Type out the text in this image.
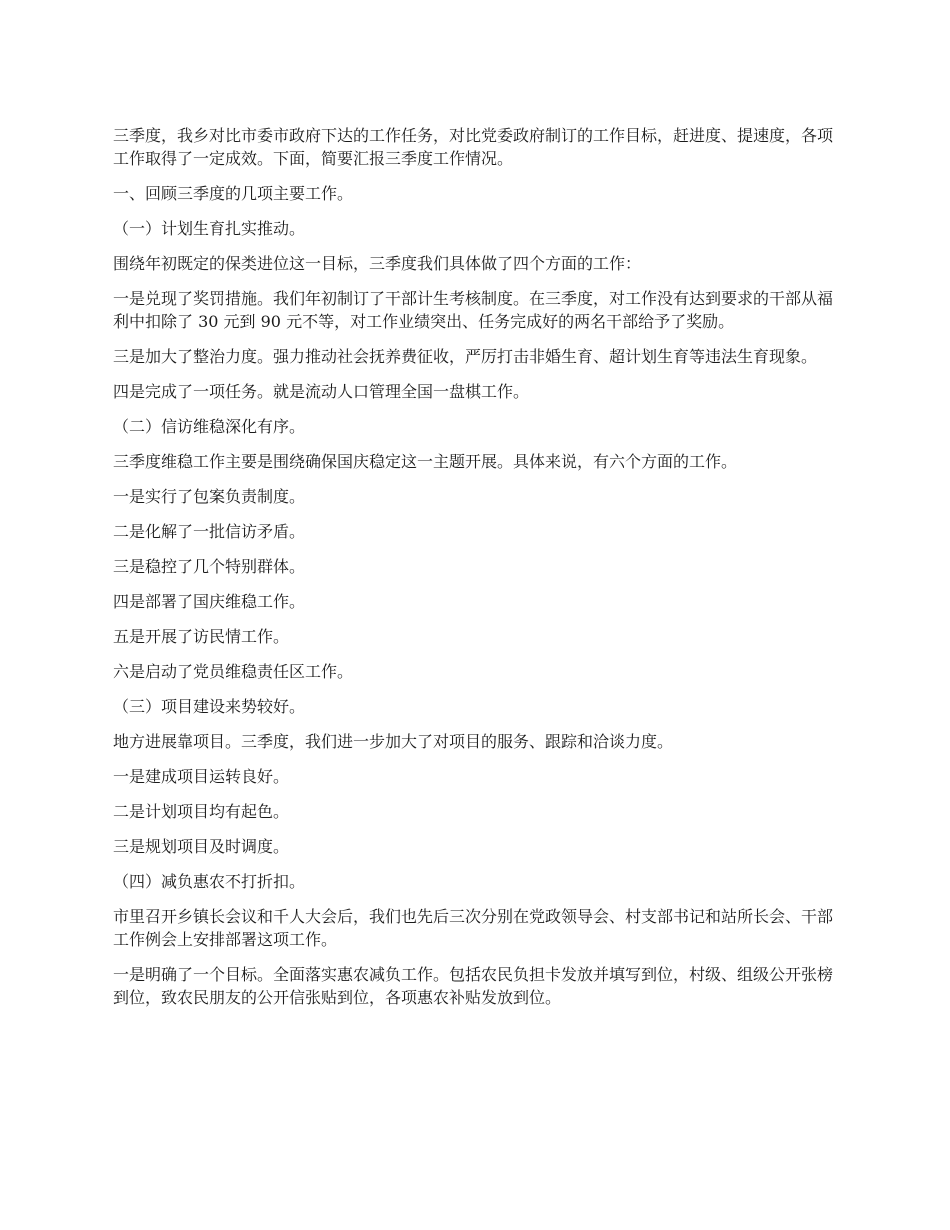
三季度，我乡对比市委市政府下达的工作任务，对比党委政府制订的工作目标，赶进度、提速度，各项工作取得了一定成效。下面，简要汇报三季度工作情况。

一、回顾三季度的几项主要工作。

（一）计划生育扎实推动。

围绕年初既定的保类进位这一目标，三季度我们具体做了四个方面的工作：

一是兑现了奖罚措施。我们年初制订了干部计生考核制度。在三季度，对工作没有达到要求的干部从福利中扣除了 30 元到 90 元不等，对工作业绩突出、任务完成好的两名干部给予了奖励。

三是加大了整治力度。强力推动社会抚养费征收，严厉打击非婚生育、超计划生育等违法生育现象。

四是完成了一项任务。就是流动人口管理全国一盘棋工作。

（二）信访维稳深化有序。

三季度维稳工作主要是围绕确保国庆稳定这一主题开展。具体来说，有六个方面的工作。

一是实行了包案负责制度。

二是化解了一批信访矛盾。

三是稳控了几个特别群体。

四是部署了国庆维稳工作。

五是开展了访民情工作。

六是启动了党员维稳责任区工作。

（三）项目建设来势较好。

地方进展靠项目。三季度，我们进一步加大了对项目的服务、跟踪和洽谈力度。

一是建成项目运转良好。

二是计划项目均有起色。

三是规划项目及时调度。

（四）减负惠农不打折扣。

市里召开乡镇长会议和千人大会后，我们也先后三次分别在党政领导会、村支部书记和站所长会、干部工作例会上安排部署这项工作。

一是明确了一个目标。全面落实惠农减负工作。包括农民负担卡发放并填写到位，村级、组级公开张榜到位，致农民朋友的公开信张贴到位，各项惠农补贴发放到位。
